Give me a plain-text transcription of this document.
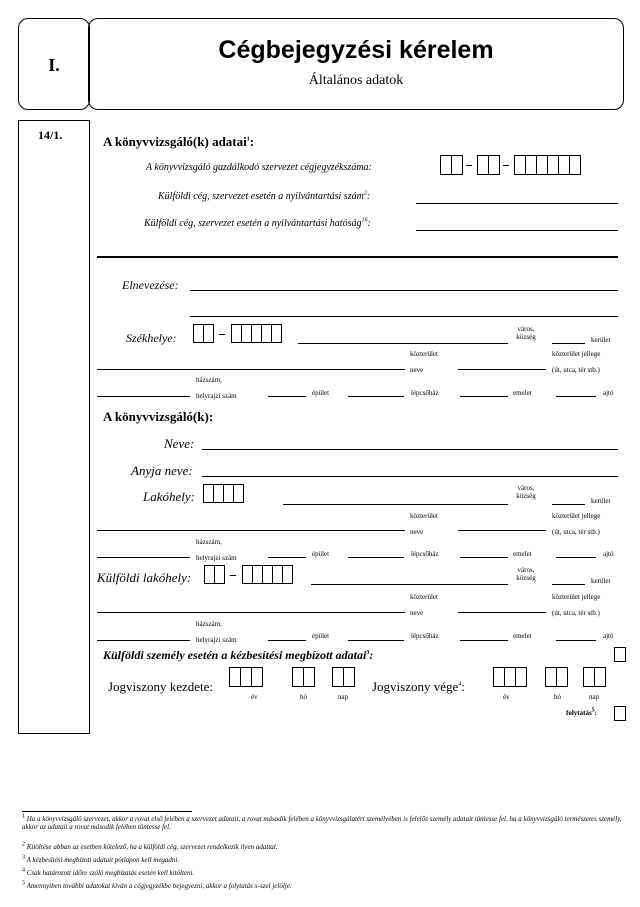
I.
Cégbejegyzési kérelem
Általános adatok
14/1.	A könyvvizsgáló(k) adatai$^1$:
A könyvvizsgáló gazdálkodó szervezet cégjegyzékszáma:
Külföldi cég, szervezet esetén a nyilvántartási szám$^2$:
Külföldi cég, szervezet esetén a nyilvántartási hatóság$^{16}$:
Elnevezése:
Székhelye:
város,
község	kerület
közterület

neve
közterület jellege

(út, utca, tér stb.)
házszám,

helyrajzi szám	épület	lépcsőház	emelet	ajtó
A könyvvizsgáló(k):
Neve:
Anyja neve:
Lakóhely:
város,
község
kerület
közterület

neve
közterület jellege

(út, utca, tér stb.)
házszám,

helyrajzi szám	épület	lépcsőház	emelet	ajtó
Külföldi lakóhely:	város,
község	kerület
közterület

neve
közterület jellege

(út, utca, tér stb.)
házszám,

helyrajzi szám	épület	lépcsőház	emelet	ajtó
Külföldi személy esetén a kézbesítési megbízott adatai$^3$:
Jogviszony kezdete:
év	hó	nap
Jogviszony vége$^4$:
év	hó	nap
folytatás$^5$:
$^1$ Ha a könyvvizsgáló szervezet, akkor a rovat első felében a szervezet adatait, a rovat második felében a könyvvizsgálatért személyében is felelős személy adatait tüntesse fel, ha a könyvvizsgáló természetes személy, akkor az adatait a rovat második felében tüntesse fel.
$^2$ Kitöltése abban az esetben kötelező, ha a külföldi cég, szervezet rendelkezik ilyen adattal.
$^3$ A kézbesítési megbízott adatait pótlapon kell megadni.
$^4$ Csak határozott időre szóló megbízatás esetén kell kitölteni.
$^5$ Amennyiben további adatokat kíván a cégjegyzékbe bejegyezni, akkor a folytatás x-szel jelölje.
